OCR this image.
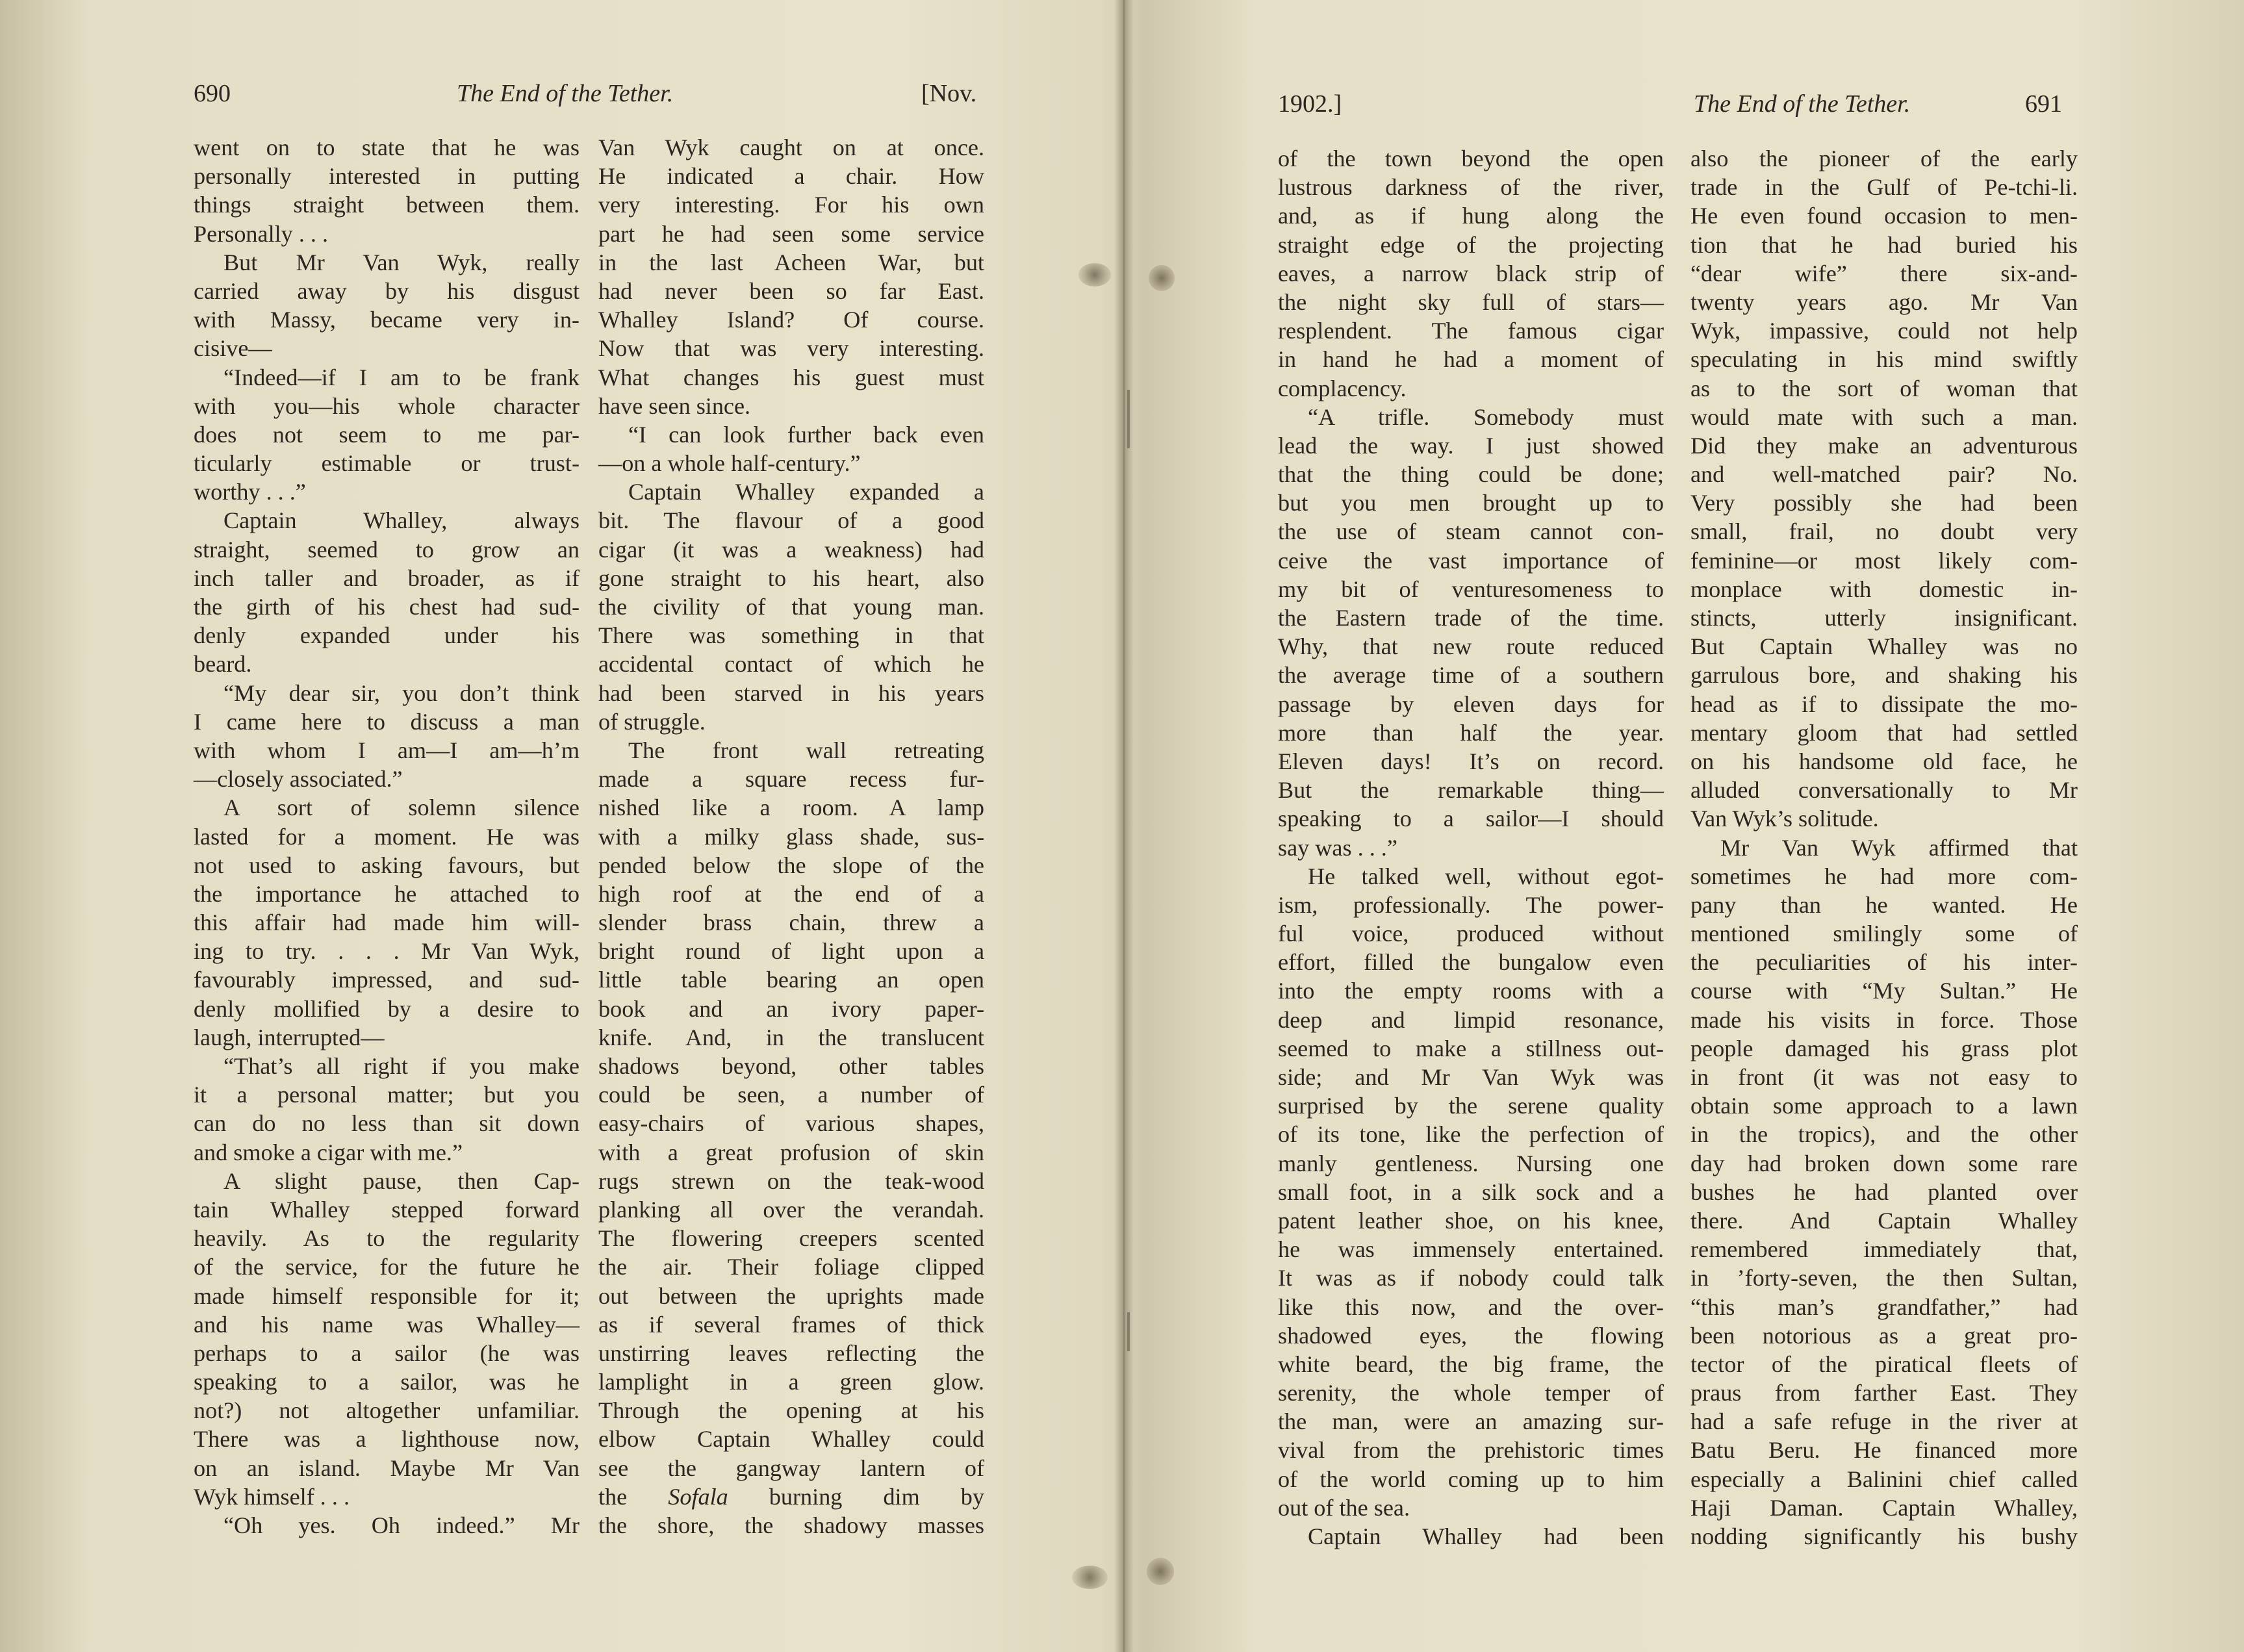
690	The End of the Tether.	[Nov.
went on to state that he was
personally interested in putting
things straight between them.
Personally . . .
But Mr Van Wyk, really
carried away by his disgust
with Massy, became very in-
cisive—
“Indeed—if I am to be frank
with you—his whole character
does not seem to me par-
ticularly estimable or trust-
worthy . . .”
Captain Whalley, always
straight, seemed to grow an
inch taller and broader, as if
the girth of his chest had sud-
denly expanded under his
beard.
“My dear sir, you don’t think
I came here to discuss a man
with whom I am—I am—h’m
—closely associated.”
A sort of solemn silence
lasted for a moment. He was
not used to asking favours, but
the importance he attached to
this affair had made him will-
ing to try. . . . Mr Van Wyk,
favourably impressed, and sud-
denly mollified by a desire to
laugh, interrupted—
“That’s all right if you make
it a personal matter; but you
can do no less than sit down
and smoke a cigar with me.”
A slight pause, then Cap-
tain Whalley stepped forward
heavily. As to the regularity
of the service, for the future he
made himself responsible for it;
and his name was Whalley—
perhaps to a sailor (he was
speaking to a sailor, was he
not?) not altogether unfamiliar.
There was a lighthouse now,
on an island. Maybe Mr Van
Wyk himself . . .
“Oh yes. Oh indeed.” Mr
Van Wyk caught on at once.
He indicated a chair. How
very interesting. For his own
part he had seen some service
in the last Acheen War, but
had never been so far East.
Whalley Island? Of course.
Now that was very interesting.
What changes his guest must
have seen since.
“I can look further back even
—on a whole half-century.”
Captain Whalley expanded a
bit. The flavour of a good
cigar (it was a weakness) had
gone straight to his heart, also
the civility of that young man.
There was something in that
accidental contact of which he
had been starved in his years
of struggle.
The front wall retreating
made a square recess fur-
nished like a room. A lamp
with a milky glass shade, sus-
pended below the slope of the
high roof at the end of a
slender brass chain, threw a
bright round of light upon a
little table bearing an open
book and an ivory paper-
knife. And, in the translucent
shadows beyond, other tables
could be seen, a number of
easy-chairs of various shapes,
with a great profusion of skin
rugs strewn on the teak-wood
planking all over the verandah.
The flowering creepers scented
the air. Their foliage clipped
out between the uprights made
as if several frames of thick
unstirring leaves reflecting the
lamplight in a green glow.
Through the opening at his
elbow Captain Whalley could
see the gangway lantern of
the Sofala burning dim by
the shore, the shadowy masses
1902.]	The End of the Tether.	691
of the town beyond the open
lustrous darkness of the river,
and, as if hung along the
straight edge of the projecting
eaves, a narrow black strip of
the night sky full of stars—
resplendent. The famous cigar
in hand he had a moment of
complacency.
“A trifle. Somebody must
lead the way. I just showed
that the thing could be done;
but you men brought up to
the use of steam cannot con-
ceive the vast importance of
my bit of venturesomeness to
the Eastern trade of the time.
Why, that new route reduced
the average time of a southern
passage by eleven days for
more than half the year.
Eleven days! It’s on record.
But the remarkable thing—
speaking to a sailor—I should
say was . . .”
He talked well, without egot-
ism, professionally. The power-
ful voice, produced without
effort, filled the bungalow even
into the empty rooms with a
deep and limpid resonance,
seemed to make a stillness out-
side; and Mr Van Wyk was
surprised by the serene quality
of its tone, like the perfection of
manly gentleness. Nursing one
small foot, in a silk sock and a
patent leather shoe, on his knee,
he was immensely entertained.
It was as if nobody could talk
like this now, and the over-
shadowed eyes, the flowing
white beard, the big frame, the
serenity, the whole temper of
the man, were an amazing sur-
vival from the prehistoric times
of the world coming up to him
out of the sea.
Captain Whalley had been
also the pioneer of the early
trade in the Gulf of Pe-tchi-li.
He even found occasion to men-
tion that he had buried his
“dear wife” there six-and-
twenty years ago. Mr Van
Wyk, impassive, could not help
speculating in his mind swiftly
as to the sort of woman that
would mate with such a man.
Did they make an adventurous
and well-matched pair? No.
Very possibly she had been
small, frail, no doubt very
feminine—or most likely com-
monplace with domestic in-
stincts, utterly insignificant.
But Captain Whalley was no
garrulous bore, and shaking his
head as if to dissipate the mo-
mentary gloom that had settled
on his handsome old face, he
alluded conversationally to Mr
Van Wyk’s solitude.
Mr Van Wyk affirmed that
sometimes he had more com-
pany than he wanted. He
mentioned smilingly some of
the peculiarities of his inter-
course with “My Sultan.” He
made his visits in force. Those
people damaged his grass plot
in front (it was not easy to
obtain some approach to a lawn
in the tropics), and the other
day had broken down some rare
bushes he had planted over
there. And Captain Whalley
remembered immediately that,
in ’forty-seven, the then Sultan,
“this man’s grandfather,” had
been notorious as a great pro-
tector of the piratical fleets of
praus from farther East. They
had a safe refuge in the river at
Batu Beru. He financed more
especially a Balinini chief called
Haji Daman. Captain Whalley,
nodding significantly his bushy
